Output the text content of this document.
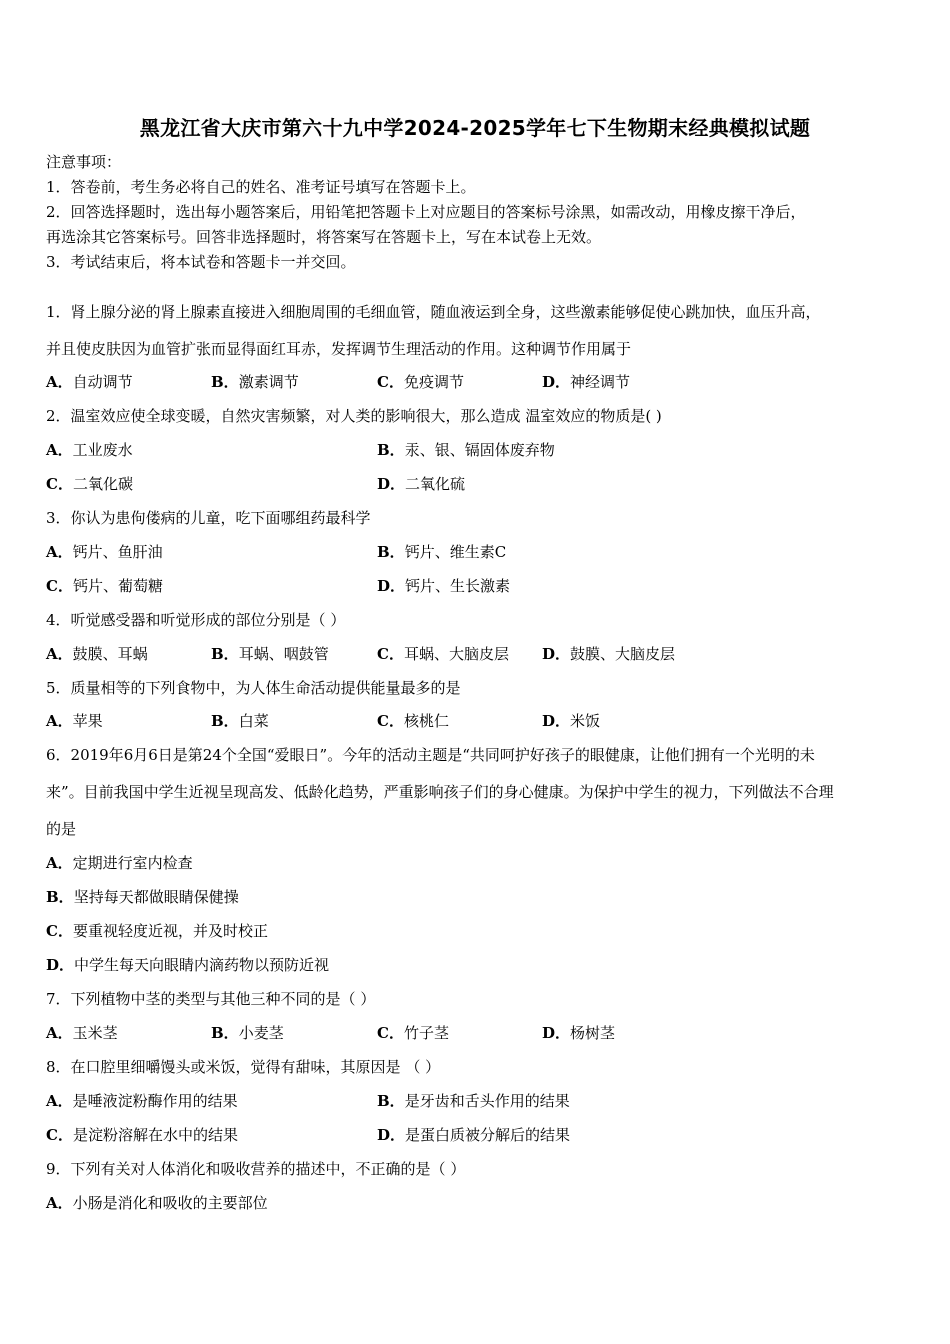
黑龙江省大庆市第六十九中学2024-2025学年七下生物期末经典模拟试题
注意事项：
1．答卷前，考生务必将自己的姓名、准考证号填写在答题卡上。
2．回答选择题时，选出每小题答案后，用铅笔把答题卡上对应题目的答案标号涂黑，如需改动，用橡皮擦干净后，
再选涂其它答案标号。回答非选择题时，将答案写在答题卡上，写在本试卷上无效。
3．考试结束后，将本试卷和答题卡一并交回。
1．肾上腺分泌的肾上腺素直接进入细胞周围的毛细血管，随血液运到全身，这些激素能够促使心跳加快，血压升高，
并且使皮肤因为血管扩张而显得面红耳赤，发挥调节生理活动的作用。这种调节作用属于
A．自动调节	B．激素调节	C．免疫调节	D．神经调节
2．温室效应使全球变暖，自然灾害频繁，对人类的影响很大，那么造成 温室效应的物质是( )
A．工业废水	B．汞、银、镉固体废弃物
C．二氧化碳	D．二氧化硫
3．你认为患佝偻病的儿童，吃下面哪组药最科学
A．钙片、鱼肝油	B．钙片、维生素C
C．钙片、葡萄糖	D．钙片、生长激素
4．听觉感受器和听觉形成的部位分别是（ ）
A．鼓膜、耳蜗	B．耳蜗、咽鼓管	C．耳蜗、大脑皮层 D．鼓膜、大脑皮层
5．质量相等的下列食物中，为人体生命活动提供能量最多的是
A．苹果	B．白菜	C．核桃仁	D．米饭
6．2019年6月6日是第24个全国“爱眼日”。今年的活动主题是“共同呵护好孩子的眼健康，让他们拥有一个光明的未
来”。目前我国中学生近视呈现高发、低龄化趋势，严重影响孩子们的身心健康。为保护中学生的视力，下列做法不合理
的是
A．定期进行室内检查
B．坚持每天都做眼睛保健操
C．要重视轻度近视，并及时校正
D．中学生每天向眼睛内滴药物以预防近视
7．下列植物中茎的类型与其他三种不同的是（ ）
A．玉米茎	B．小麦茎	C．竹子茎	D．杨树茎
8．在口腔里细嚼馒头或米饭，觉得有甜味，其原因是 （ ）
A．是唾液淀粉酶作用的结果	B．是牙齿和舌头作用的结果
C．是淀粉溶解在水中的结果	D．是蛋白质被分解后的结果
9．下列有关对人体消化和吸收营养的描述中，不正确的是（ ）
A．小肠是消化和吸收的主要部位
